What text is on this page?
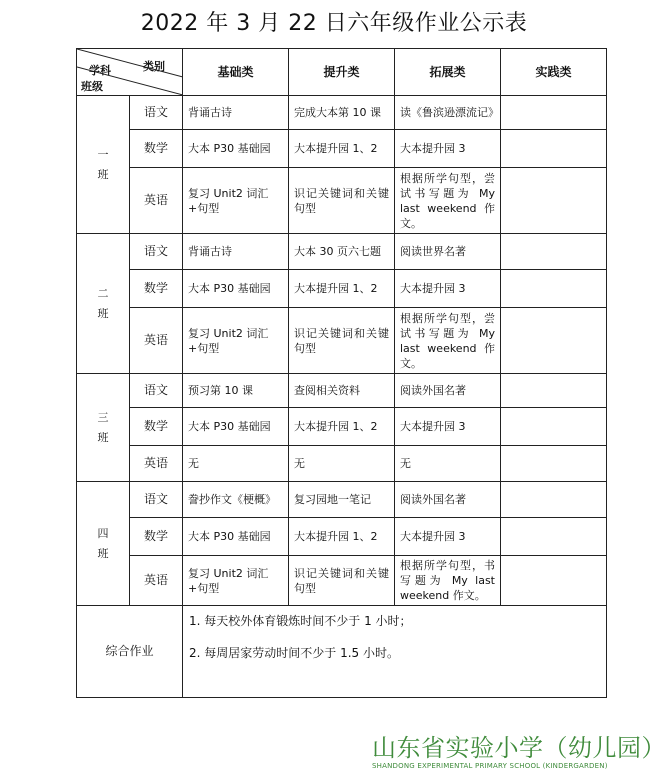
2022 年 3 月 22 日六年级作业公示表
学科 类别
班级		基础类	提升类	拓展类	实践类

一
班	语文	背诵古诗	完成大本第 10 课	读《鲁滨逊漂流记》	
	数学	大本 P30 基础园	大本提升园 1、2	大本提升园 3	
	英语	复习 Unit2 词汇+句型	识记关键词和关键句型	根据所学句型，尝试书写题为 My last weekend 作文。	

二
班	语文	背诵古诗	大本 30 页六七题	阅读世界名著	
	数学	大本 P30 基础园	大本提升园 1、2	大本提升园 3	
	英语	复习 Unit2 词汇+句型	识记关键词和关键句型	根据所学句型，尝试书写题为 My last weekend 作文。	

三
班	语文	预习第 10 课	查阅相关资料	阅读外国名著	
	数学	大本 P30 基础园	大本提升园 1、2	大本提升园 3	
	英语	无	无	无	

四
班	语文	誊抄作文《梗概》	复习园地一笔记	阅读外国名著	
	数学	大本 P30 基础园	大本提升园 1、2	大本提升园 3	
	英语	复习 Unit2 词汇+句型	识记关键词和关键句型	根据所学句型，书写题为 My last weekend 作文。	
综合作业		1. 每天校外体育锻炼时间不少于 1 小时；
2. 每周居家劳动时间不少于 1.5 小时。			
山东省实验小学（幼儿园）
SHANDONG EXPERIMENTAL PRIMARY SCHOOL (KINDERGARDEN)
